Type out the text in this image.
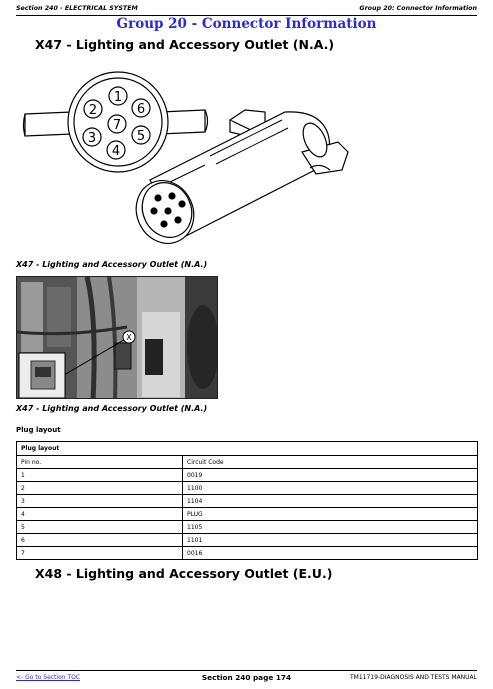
Section 240 - ELECTRICAL SYSTEM	Group 20: Connector Information
Group 20 - Connector Information
X47 - Lighting and Accessory Outlet (N.A.)
1
6
2
7
3	5
4
X47 - Lighting and Accessory Outlet (N.A.)
X
X47 - Lighting and Accessory Outlet (N.A.)
Plug layout
Plug layout	
Pin no.	Circuit Code
1	0019
2	1100
3	1104
4	PLUG
5	1105
6	1101
7	0016
X48 - Lighting and Accessory Outlet (E.U.)
<- Go to Section TOC	Section 240 page 174	TM11719-DIAGNOSIS AND TESTS MANUAL
